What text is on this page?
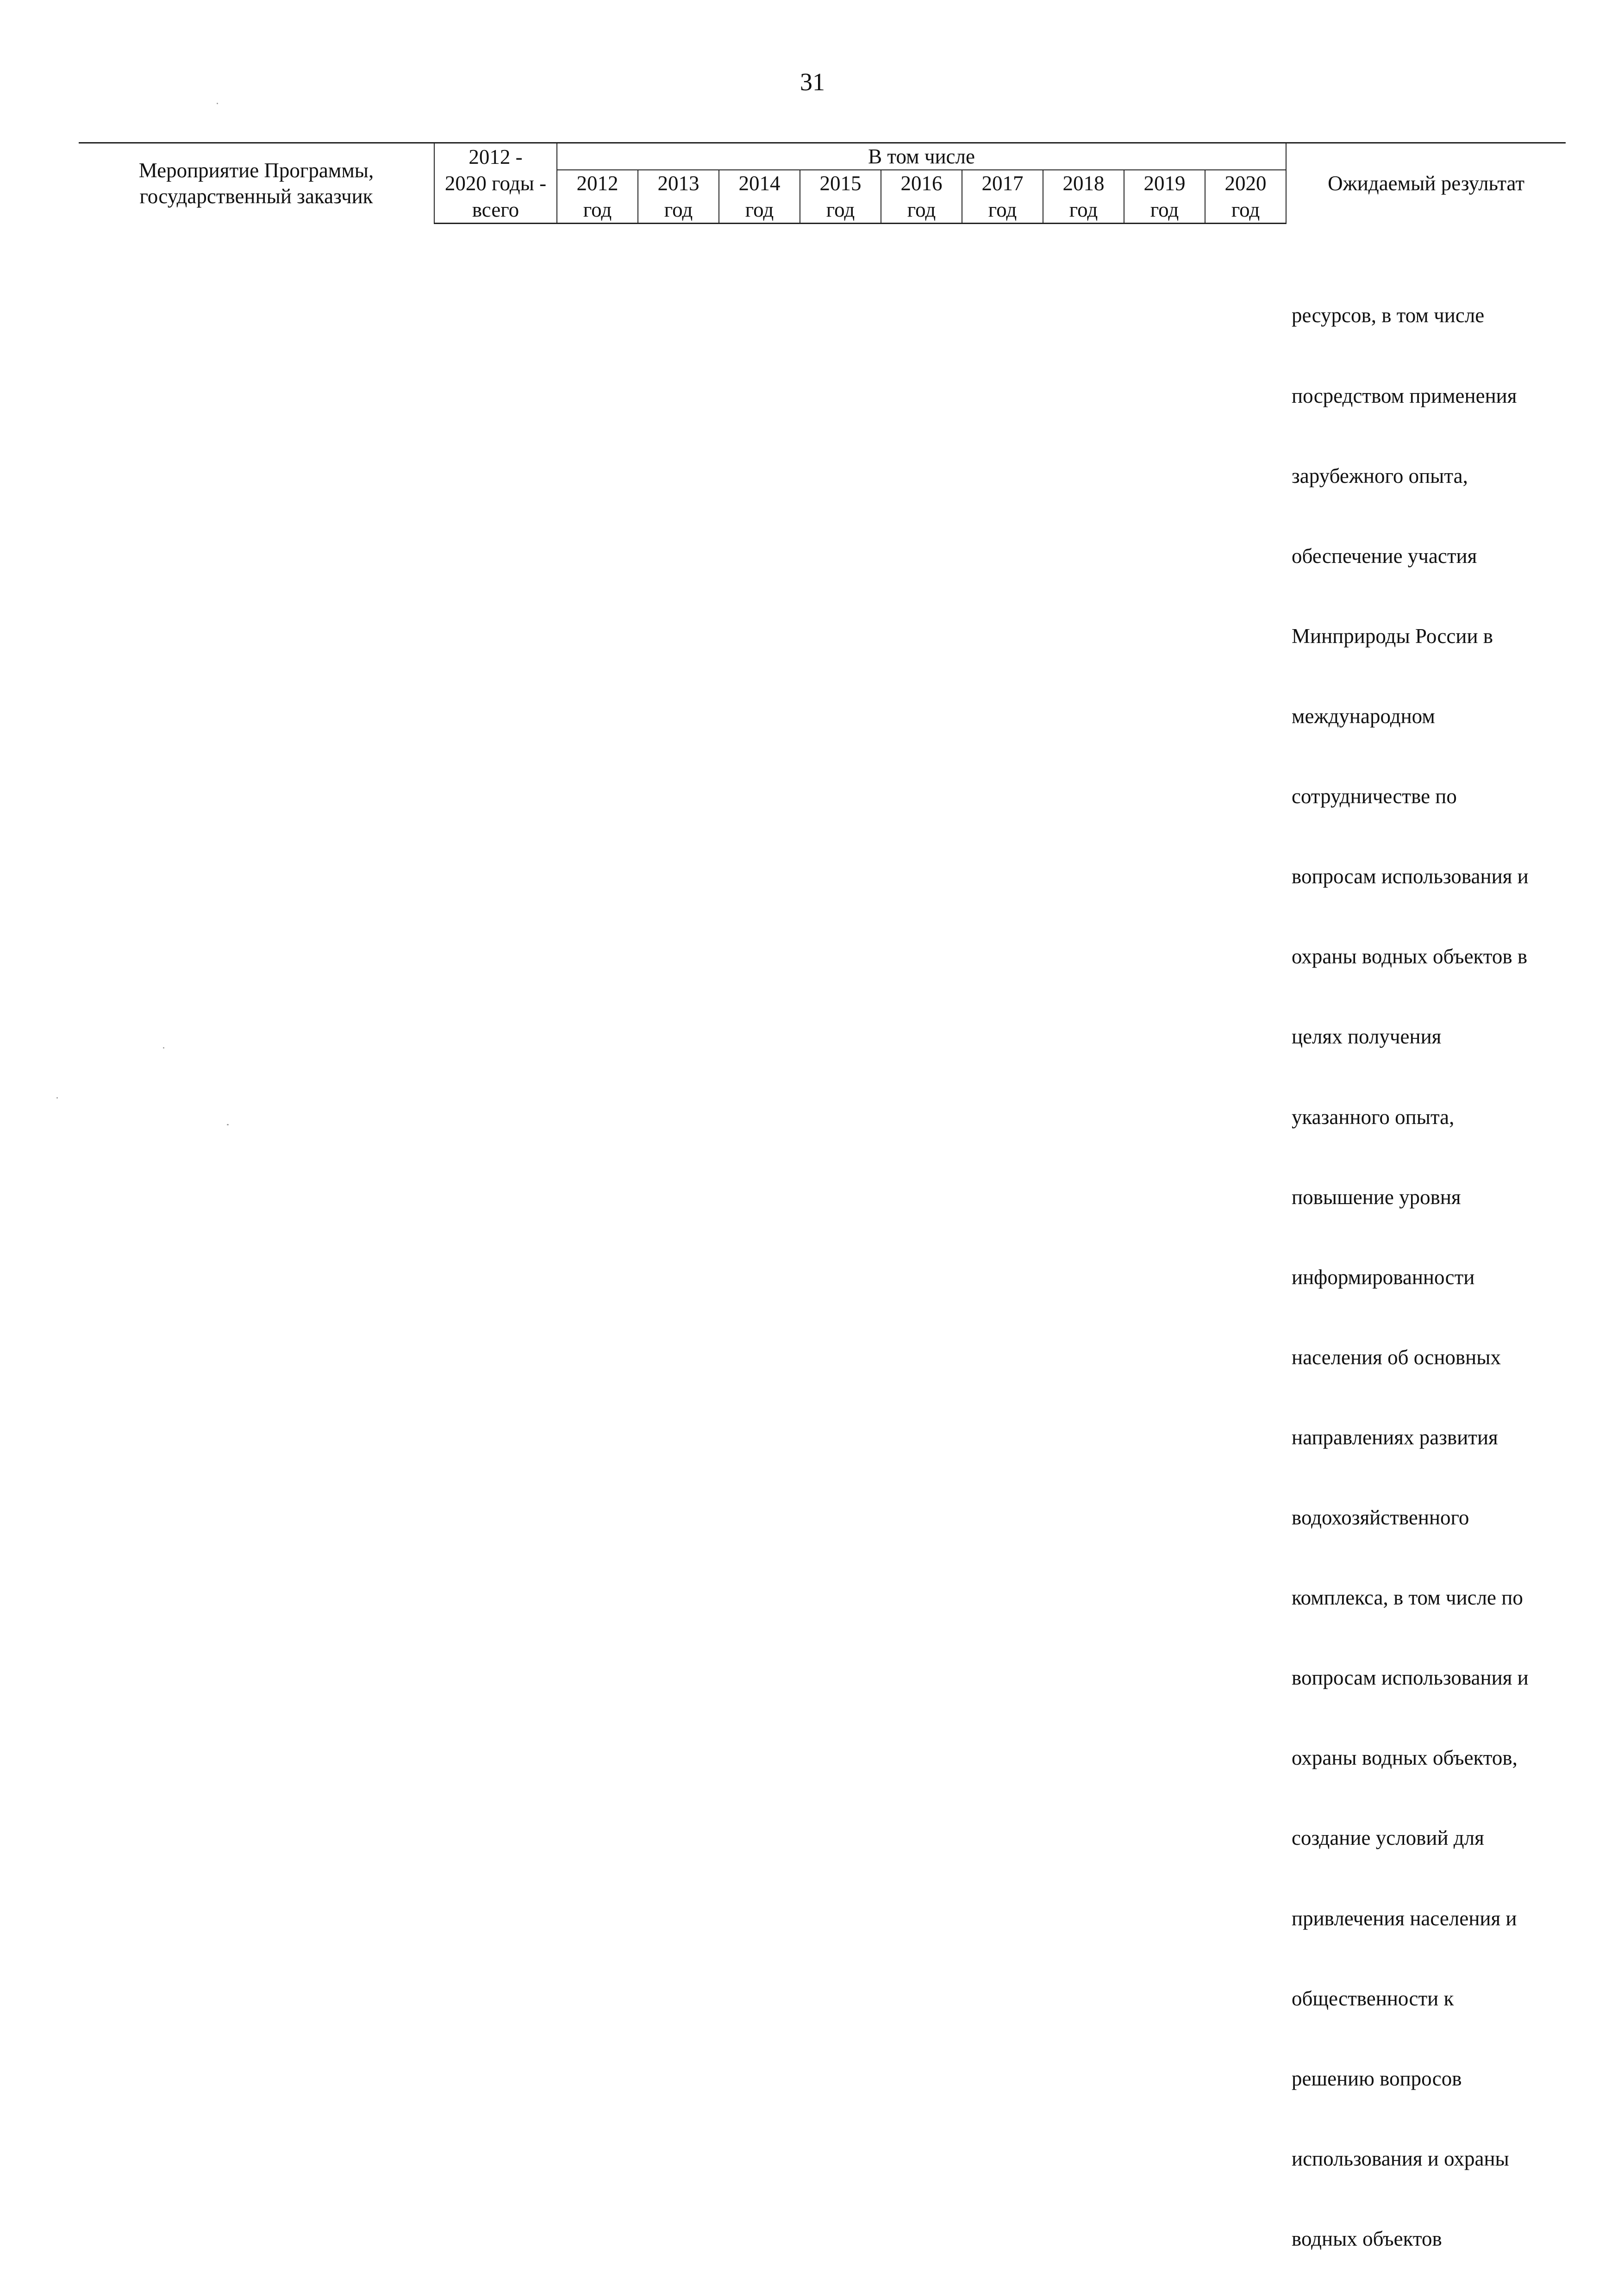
31
Мероприятие Программы, государственный заказчик	2012 -	В том числе									Ожидаемый результат
	2020 годы -	2012	2013	2014	2015	2016	2017	2018	2019	2020	
	всего	год	год	год	год	год	год	год	год	год	

ресурсов, в том числе

посредством применения

зарубежного опыта,

обеспечение участия

Минприроды России в

международном

сотрудничестве по

вопросам использования и

охраны водных объектов в

целях получения

указанного опыта,

повышение уровня

информированности

населения об основных

направлениях развития

водохозяйственного

комплекса, в том числе по

вопросам использования и

охраны водных объектов,

создание условий для

привлечения населения и

общественности к

решению вопросов

использования и охраны

водных объектов
